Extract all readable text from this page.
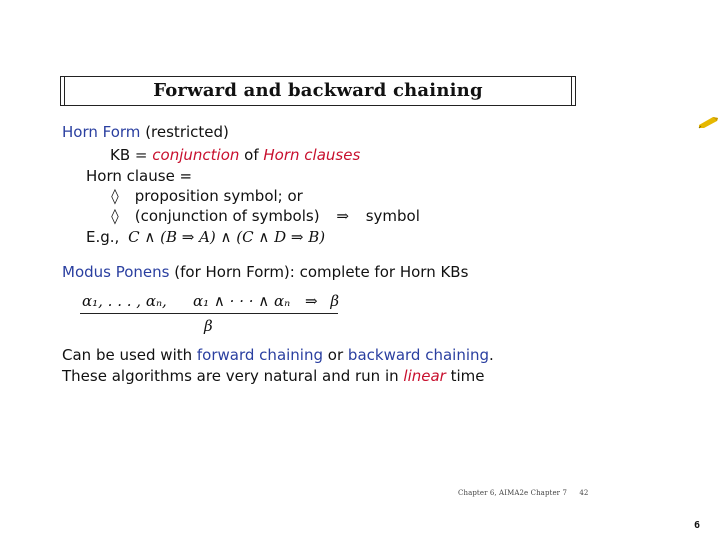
Forward and backward chaining
Horn Form (restricted)
KB = conjunction of Horn clauses
Horn clause =
◊ proposition symbol; or
◊ (conjunction of symbols) ⇒ symbol
E.g., C ∧ (B ⇒ A) ∧ (C ∧ D ⇒ B)
Modus Ponens (for Horn Form): complete for Horn KBs
α₁, . . . , αₙ, α₁ ∧ · · · ∧ αₙ ⇒ β
β
Can be used with forward chaining or backward chaining.
These algorithms are very natural and run in linear time
Chapter 6, AIMA2e Chapter 7 42
6
